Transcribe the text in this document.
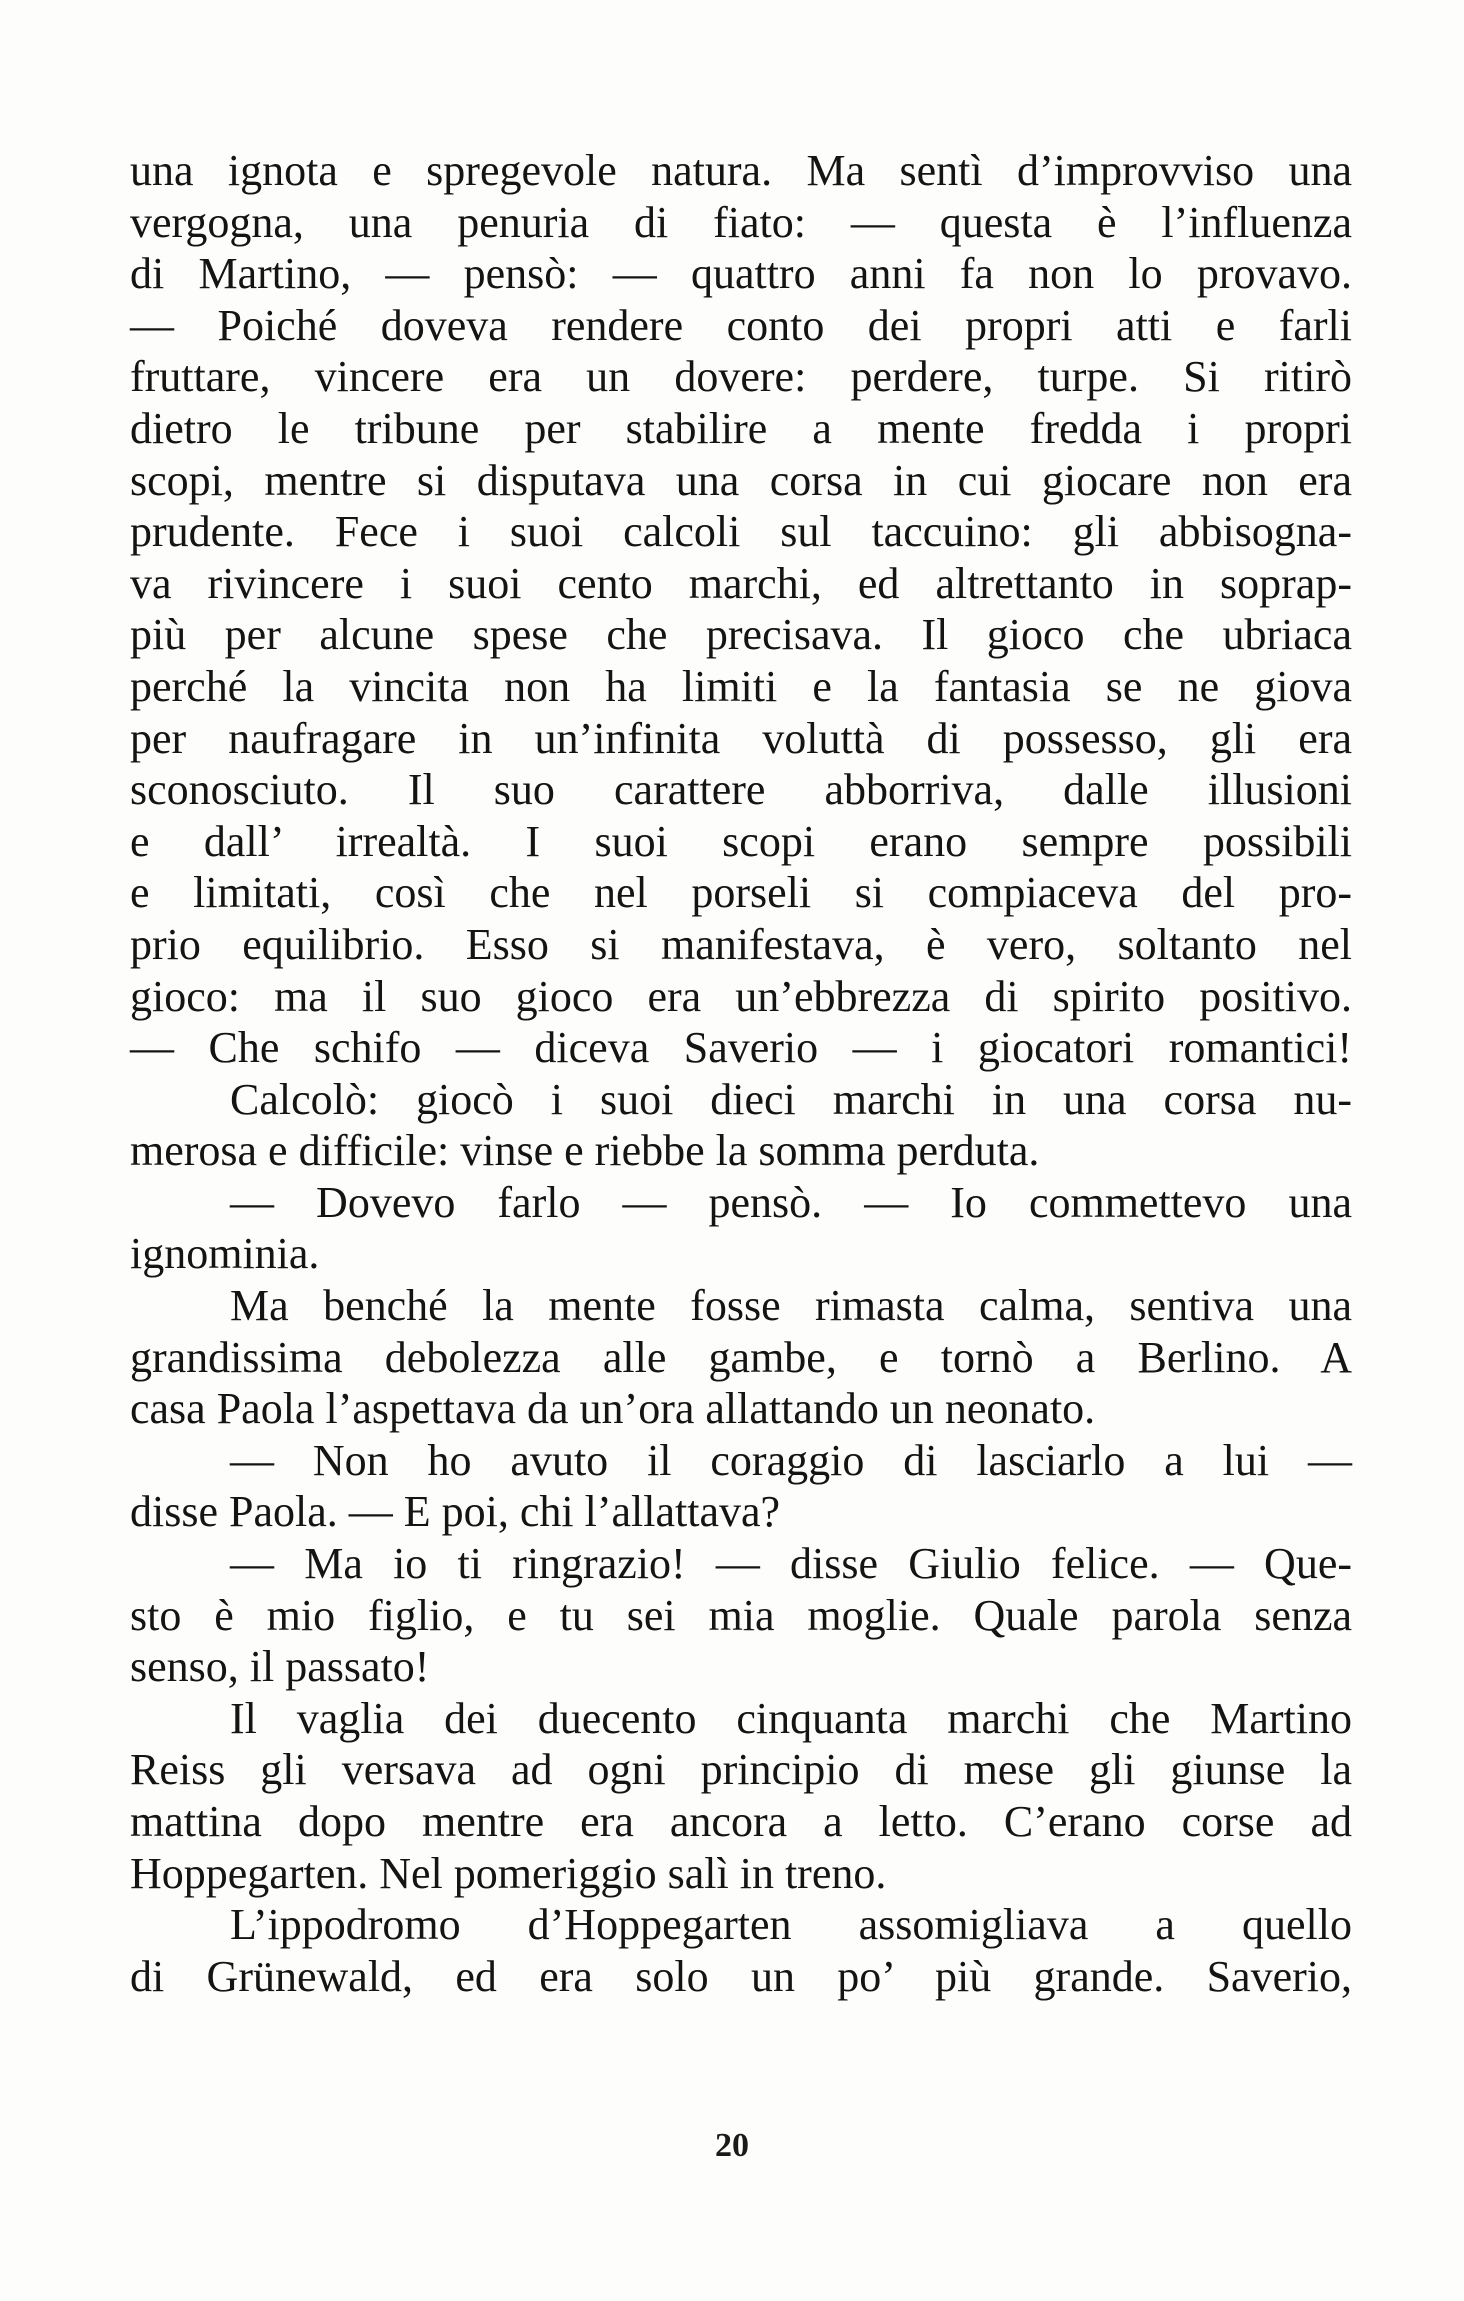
una ignota e spregevole natura. Ma sentì d’improvviso una
vergogna, una penuria di fiato: — questa è l’influenza
di Martino, — pensò: — quattro anni fa non lo provavo.
— Poiché doveva rendere conto dei propri atti e farli
fruttare, vincere era un dovere: perdere, turpe. Si ritirò
dietro le tribune per stabilire a mente fredda i propri
scopi, mentre si disputava una corsa in cui giocare non era
prudente. Fece i suoi calcoli sul taccuino: gli abbisogna-
va rivincere i suoi cento marchi, ed altrettanto in soprap-
più per alcune spese che precisava. Il gioco che ubriaca
perché la vincita non ha limiti e la fantasia se ne giova
per naufragare in un’infinita voluttà di possesso, gli era
sconosciuto. Il suo carattere abborriva, dalle illusioni
e dall’ irrealtà. I suoi scopi erano sempre possibili
e limitati, così che nel porseli si compiaceva del pro-
prio equilibrio. Esso si manifestava, è vero, soltanto nel
gioco: ma il suo gioco era un’ebbrezza di spirito positivo.
— Che schifo — diceva Saverio — i giocatori romantici!
Calcolò: giocò i suoi dieci marchi in una corsa nu-
merosa e difficile: vinse e riebbe la somma perduta.
— Dovevo farlo — pensò. — Io commettevo una
ignominia.
Ma benché la mente fosse rimasta calma, sentiva una
grandissima debolezza alle gambe, e tornò a Berlino. A
casa Paola l’aspettava da un’ora allattando un neonato.
— Non ho avuto il coraggio di lasciarlo a lui —
disse Paola. — E poi, chi l’allattava?
— Ma io ti ringrazio! — disse Giulio felice. — Que-
sto è mio figlio, e tu sei mia moglie. Quale parola senza
senso, il passato!
Il vaglia dei duecento cinquanta marchi che Martino
Reiss gli versava ad ogni principio di mese gli giunse la
mattina dopo mentre era ancora a letto. C’erano corse ad
Hoppegarten. Nel pomeriggio salì in treno.
L’ippodromo d’Hoppegarten assomigliava a quello
di Grünewald, ed era solo un po’ più grande. Saverio,
20
